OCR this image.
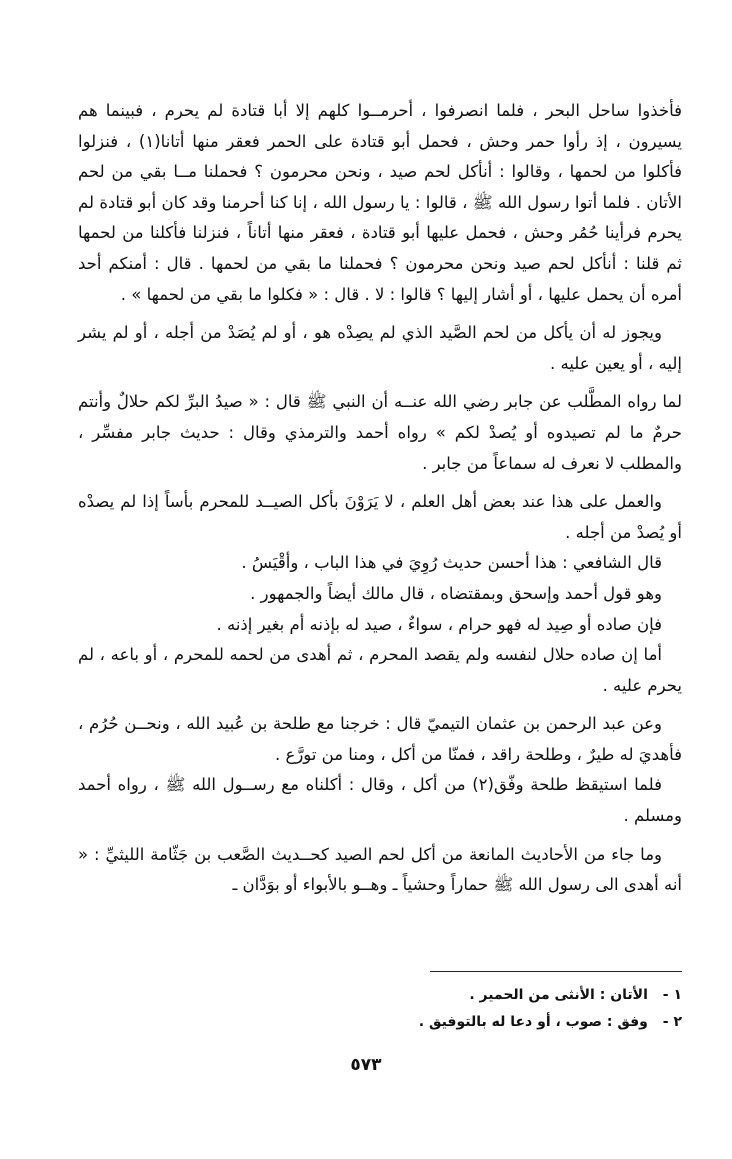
فأخذوا ساحل البحر ، فلما انصرفوا ، أحرمــوا كلهم إلا أبا قتادة لم يحرم ، فبينما هم يسيرون ، إذ رأوا حمر وحش ، فحمل أبو قتادة على الحمر فعقر منها أتانا(١) ، فنزلوا فأكلوا من لحمها ، وقالوا : أنأكل لحم صيد ، ونحن محرمون ؟ فحملنا مــا بقي من لحم الأتان . فلما أتوا رسول الله ﷺ ، قالوا : يا رسول الله ، إنا كنا أحرمنا وقد كان أبو قتادة لم يحرم فرأينا حُمُر وحش ، فحمل عليها أبو قتادة ، فعقر منها أتاناً ، فنزلنا فأكلنا من لحمها ثم قلنا : أنأكل لحم صيد ونحن محرمون ؟ فحملنا ما بقي من لحمها . قال : أمنكم أحد أمره أن يحمل عليها ، أو أشار إليها ؟ قالوا : لا . قال : « فكلوا ما بقي من لحمها » .

ويجوز له أن يأكل من لحم الصَّيد الذي لم يصِدْه هو ، أو لم يُصَدْ من أجله ، أو لم يشر إليه ، أو يعين عليه .

لما رواه المطَّلب عن جابر رضي الله عنــه أن النبي ﷺ قال : « صيدُ البرِّ لكم حلالٌ وأنتم حرمٌ ما لم تصيدوه أو يُصدْ لكم » رواه أحمد والترمذي وقال : حديث جابر مفسِّر ، والمطلب لا نعرف له سماعاً من جابر .

والعمل على هذا عند بعض أهل العلم ، لا يَرَوْنَ بأكل الصيــد للمحرم بأساً إذا لم يصدْه أو يُصدْ من أجله .

قال الشافعي : هذا أحسن حديث رُوِيَ في هذا الباب ، وأقْيَسُ .

وهو قول أحمد وإسحق وبمقتضاه ، قال مالك أيضاً والجمهور .

فإن صاده أو صِيد له فهو حرام ، سواءٌ ، صيد له بإذنه أم بغير إذنه .

أما إن صاده حلال لنفسه ولم يقصد المحرم ، ثم أهدى من لحمه للمحرم ، أو باعه ، لم يحرم عليه .

وعن عبد الرحمن بن عثمان التيميّ قال : خرجنا مع طلحة بن عُبيد الله ، ونحــن حُرُم ، فأهديَ له طيرٌ ، وطلحة راقد ، فمنّا من أكل ، ومنا من تورَّع .

فلما استيقظ طلحة وفّق(٢) من أكل ، وقال : أكلناه مع رســول الله ﷺ ، رواه أحمد ومسلم .

وما جاء من الأحاديث المانعة من أكل لحم الصيد كحــديث الصَّعب بن جَثّامة الليثيِّ : « أنه أهدى الى رسول الله ﷺ حماراً وحشياً ـ وهــو بالأبواء أو بوَدَّان ـ

١ - الأتان : الأنثى من الحمير .

٢ - وفق : صوب ، أو دعا له بالتوفيق .

٥٧٣
